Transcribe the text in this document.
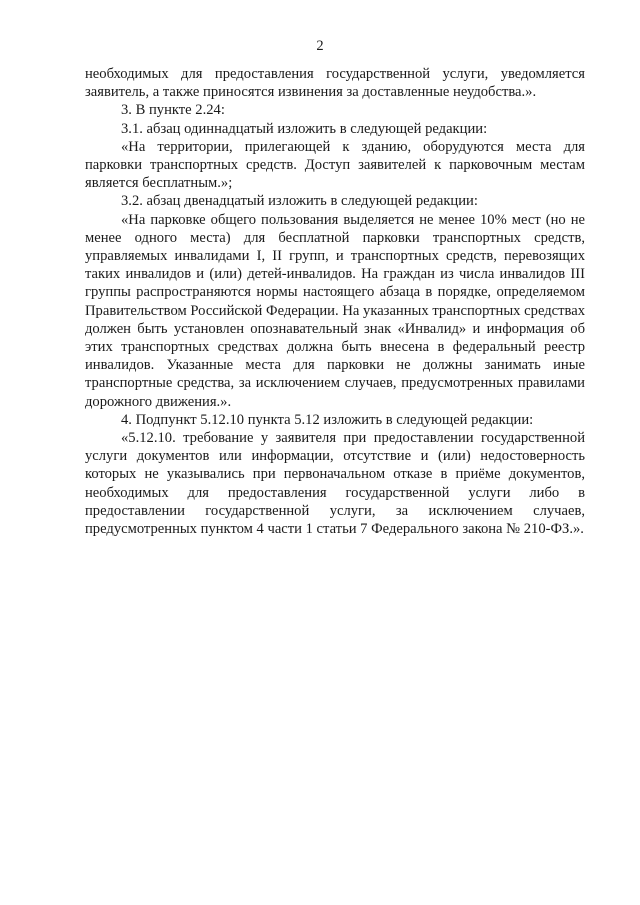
2

необходимых для предоставления государственной услуги, уведомляется заявитель, а также приносятся извинения за доставленные неудобства.».

3. В пункте 2.24:

3.1. абзац одиннадцатый изложить в следующей редакции:

«На территории, прилегающей к зданию, оборудуются места для парковки транспортных средств. Доступ заявителей к парковочным местам является бесплатным.»;

3.2. абзац двенадцатый изложить в следующей редакции:

«На парковке общего пользования выделяется не менее 10% мест (но не менее одного места) для бесплатной парковки транспортных средств, управляемых инвалидами I, II групп, и транспортных средств, перевозящих таких инвалидов и (или) детей-инвалидов. На граждан из числа инвалидов III группы распространяются нормы настоящего абзаца в порядке, определяемом Правительством Российской Федерации. На указанных транспортных средствах должен быть установлен опознавательный знак «Инвалид» и информация об этих транспортных средствах должна быть внесена в федеральный реестр инвалидов. Указанные места для парковки не должны занимать иные транспортные средства, за исключением случаев, предусмотренных правилами дорожного движения.».

4. Подпункт 5.12.10 пункта 5.12 изложить в следующей редакции:

«5.12.10. требование у заявителя при предоставлении государственной услуги документов или информации, отсутствие и (или) недостоверность которых не указывались при первоначальном отказе в приёме документов, необходимых для предоставления государственной услуги либо в предоставлении государственной услуги, за исключением случаев, предусмотренных пунктом 4 части 1 статьи 7 Федерального закона № 210-ФЗ.».
